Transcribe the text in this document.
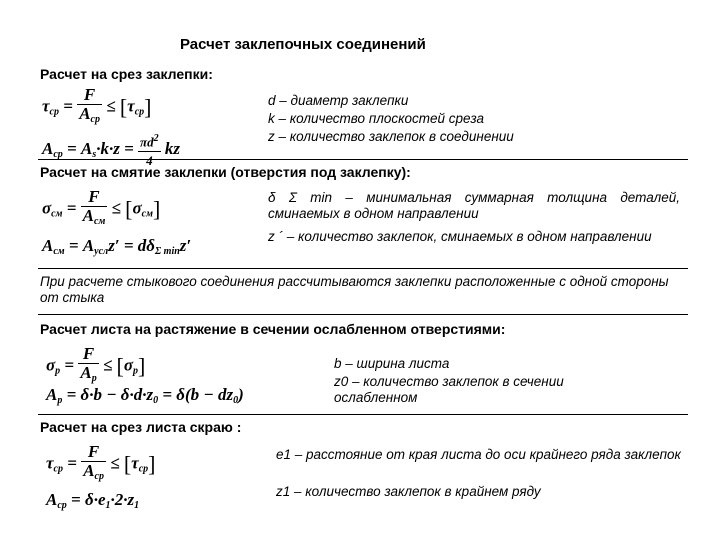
Расчет заклепочных соединений
Расчет на срез заклепки:
$\tau_{ср} = \frac{F}{A_{ср}} \le [\tau_{ср}]$
$A_{ср} = A_s\cdot k\cdot z = \frac{\pi d^2}{4}$ kz
d – диаметр заклепки
k – количество плоскостей среза
z – количество заклепок в соединении
Расчет на смятие заклепки (отверстия под заклепку):
$\sigma_{см} = \frac{F}{A_{см}} \le [\sigma_{см}]$
$A_{см} = A_{усл}z' = d\delta_{\Sigma min}z'$
δ Σ min – минимальная суммарная толщина деталей, сминаемых в одном направлении
z ´ – количество заклепок, сминаемых в одном направлении
При расчете стыкового соединения рассчитываются заклепки расположенные с одной стороны от стыка
Расчет листа на растяжение в сечении ослабленном отверстиями:
$\sigma_p = \frac{F}{A_p} \le [\sigma_p]$
$A_p = \delta\cdot b - \delta\cdot d\cdot z_0 = \delta(b - dz_0)$
b – ширина листа
z0 – количество заклепок в сечении ослабленном
Расчет на срез листа скраю :
$\tau_{ср} = \frac{F}{A_{ср}} \le [\tau_{ср}]$
$A_{ср} = \delta\cdot e_1\cdot 2\cdot z_1$
e1 – расстояние от края листа до оси крайнего ряда заклепок
z1 – количество заклепок в крайнем ряду
